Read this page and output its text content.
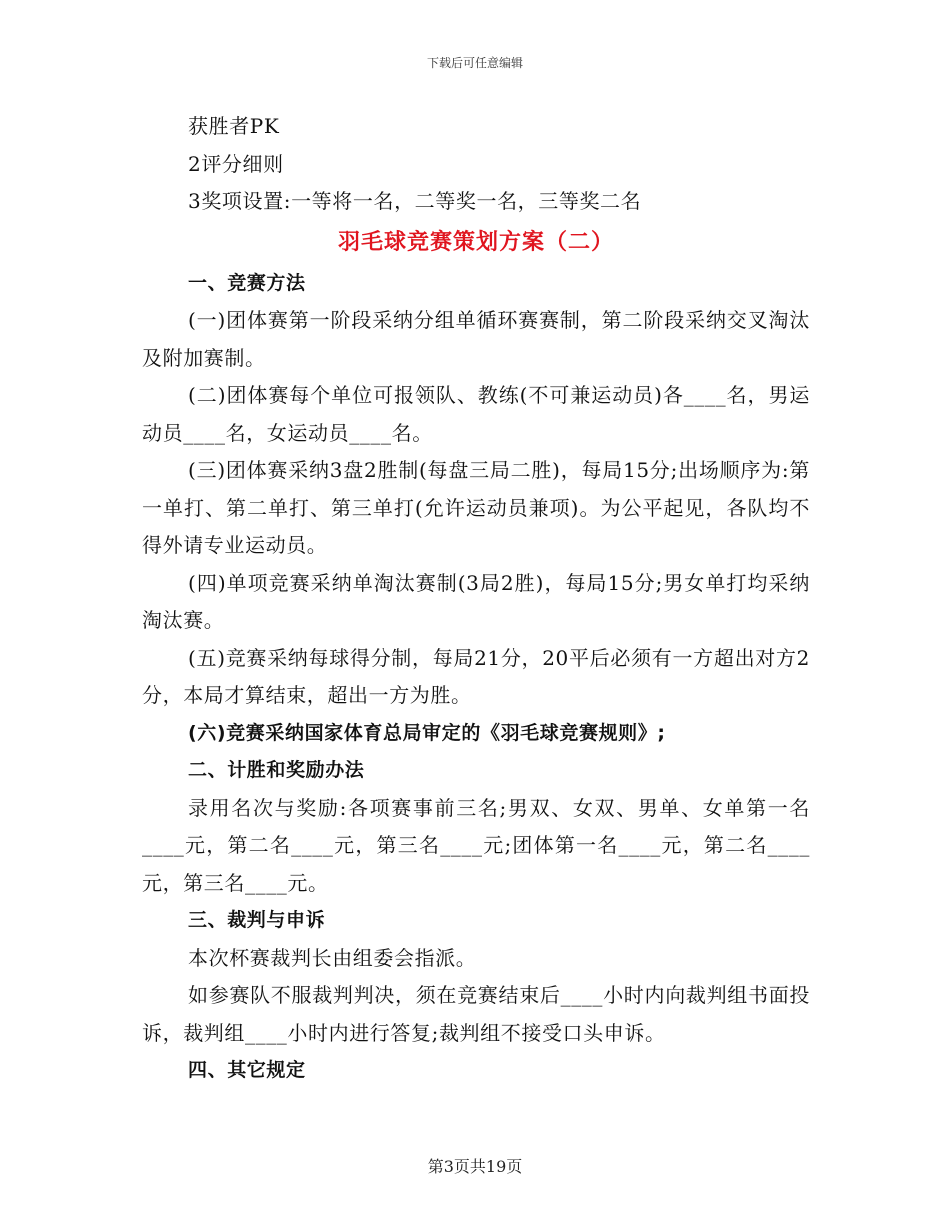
下载后可任意编辑

获胜者PK

2评分细则

3奖项设置:一等将一名，二等奖一名，三等奖二名

羽毛球竞赛策划方案（二）

一、竞赛方法

(一)团体赛第一阶段采纳分组单循环赛赛制，第二阶段采纳交叉淘汰及附加赛制。

(二)团体赛每个单位可报领队、教练(不可兼运动员)各____名，男运动员____名，女运动员____名。

(三)团体赛采纳3盘2胜制(每盘三局二胜)，每局15分;出场顺序为:第一单打、第二单打、第三单打(允许运动员兼项)。为公平起见，各队均不得外请专业运动员。

(四)单项竞赛采纳单淘汰赛制(3局2胜)，每局15分;男女单打均采纳淘汰赛。

(五)竞赛采纳每球得分制，每局21分，20平后必须有一方超出对方2分，本局才算结束，超出一方为胜。

(六)竞赛采纳国家体育总局审定的《羽毛球竞赛规则》;

二、计胜和奖励办法

录用名次与奖励:各项赛事前三名;男双、女双、男单、女单第一名____元，第二名____元，第三名____元;团体第一名____元，第二名____元，第三名____元。

三、裁判与申诉

本次杯赛裁判长由组委会指派。

如参赛队不服裁判判决，须在竞赛结束后____小时内向裁判组书面投诉，裁判组____小时内进行答复;裁判组不接受口头申诉。

四、其它规定

第3页共19页
